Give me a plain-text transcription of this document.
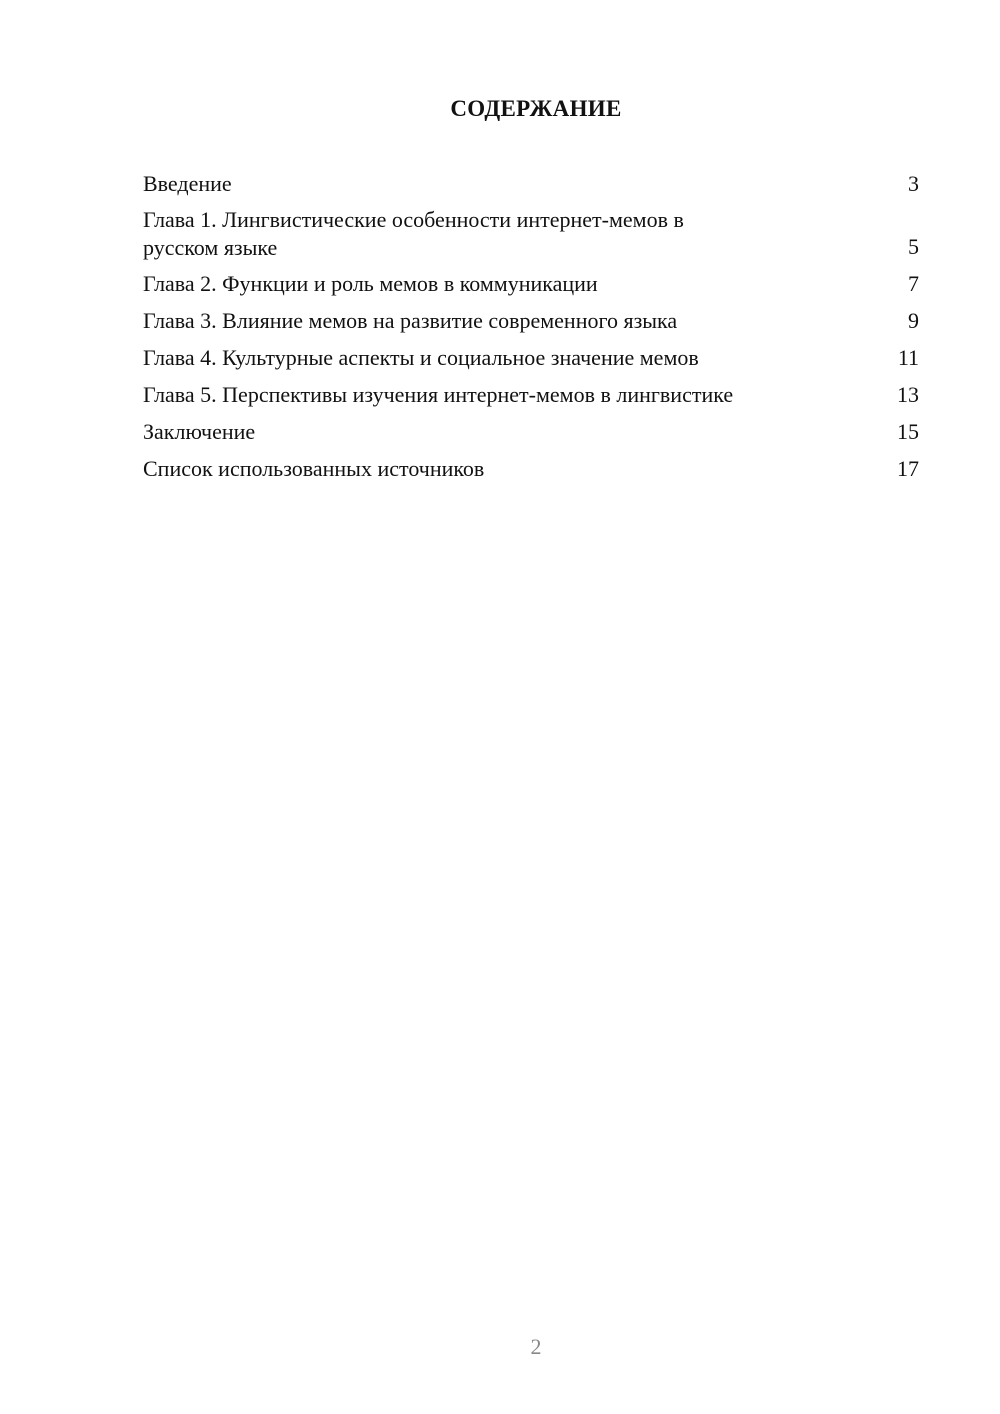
СОДЕРЖАНИЕ
Введение	3
Глава 1. Лингвистические особенности интернет-мемов в русском языке	5
Глава 2. Функции и роль мемов в коммуникации	7
Глава 3. Влияние мемов на развитие современного языка	9
Глава 4. Культурные аспекты и социальное значение мемов	11
Глава 5. Перспективы изучения интернет-мемов в лингвистике	13
Заключение	15
Список использованных источников	17
2
